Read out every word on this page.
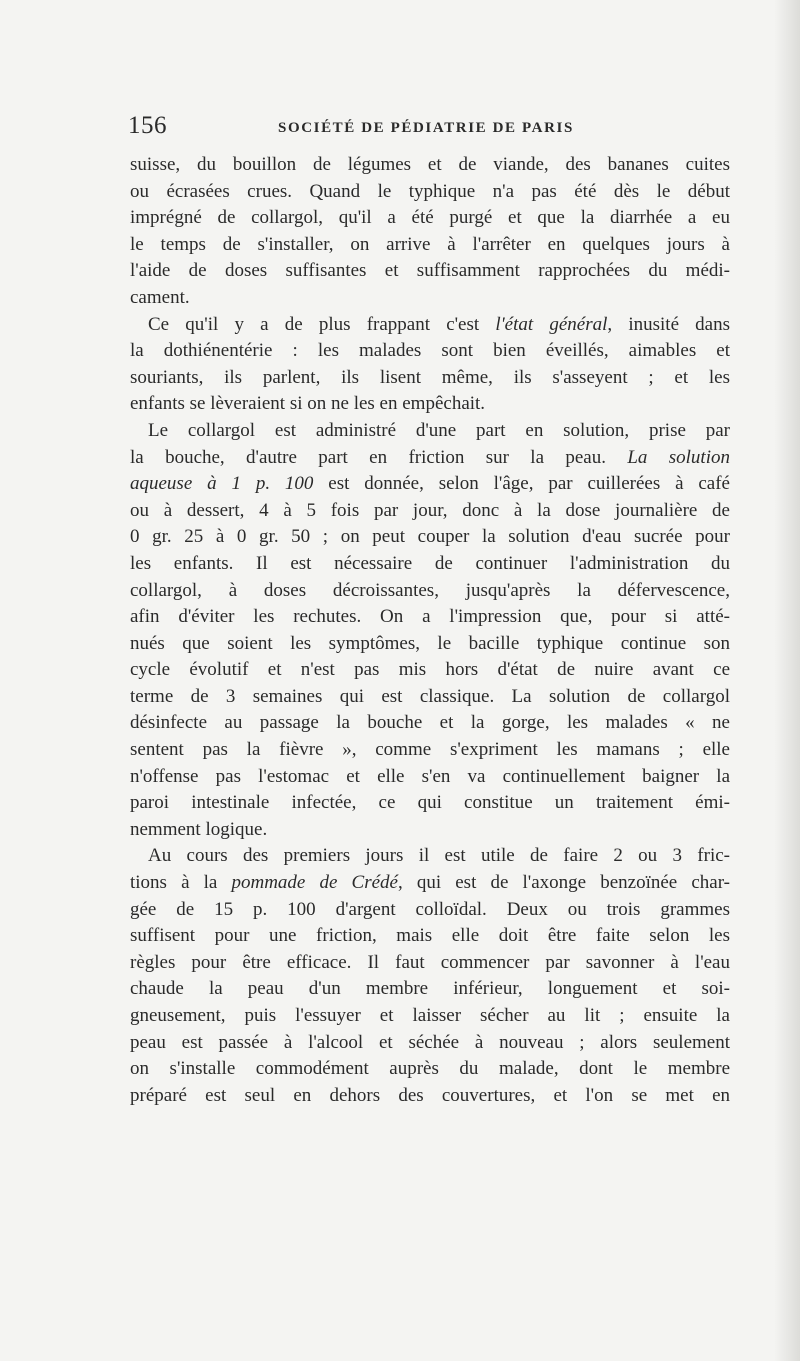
156	SOCIÉTÉ DE PÉDIATRIE DE PARIS

suisse, du bouillon de légumes et de viande, des bananes cuites
ou écrasées crues. Quand le typhique n'a pas été dès le début
imprégné de collargol, qu'il a été purgé et que la diarrhée a eu
le temps de s'installer, on arrive à l'arrêter en quelques jours à
l'aide de doses suffisantes et suffisamment rapprochées du médi-
cament.

Ce qu'il y a de plus frappant c'est l'état général, inusité dans
la dothiénentérie : les malades sont bien éveillés, aimables et
souriants, ils parlent, ils lisent même, ils s'asseyent ; et les
enfants se lèveraient si on ne les en empêchait.

Le collargol est administré d'une part en solution, prise par
la bouche, d'autre part en friction sur la peau. La solution
aqueuse à 1 p. 100 est donnée, selon l'âge, par cuillerées à café
ou à dessert, 4 à 5 fois par jour, donc à la dose journalière de
0 gr. 25 à 0 gr. 50 ; on peut couper la solution d'eau sucrée pour
les enfants. Il est nécessaire de continuer l'administration du
collargol, à doses décroissantes, jusqu'après la défervescence,
afin d'éviter les rechutes. On a l'impression que, pour si atté-
nués que soient les symptômes, le bacille typhique continue son
cycle évolutif et n'est pas mis hors d'état de nuire avant ce
terme de 3 semaines qui est classique. La solution de collargol
désinfecte au passage la bouche et la gorge, les malades « ne
sentent pas la fièvre », comme s'expriment les mamans ; elle
n'offense pas l'estomac et elle s'en va continuellement baigner la
paroi intestinale infectée, ce qui constitue un traitement émi-
nemment logique.

Au cours des premiers jours il est utile de faire 2 ou 3 fric-
tions à la pommade de Crédé, qui est de l'axonge benzoïnée char-
gée de 15 p. 100 d'argent colloïdal. Deux ou trois grammes
suffisent pour une friction, mais elle doit être faite selon les
règles pour être efficace. Il faut commencer par savonner à l'eau
chaude la peau d'un membre inférieur, longuement et soi-
gneusement, puis l'essuyer et laisser sécher au lit ; ensuite la
peau est passée à l'alcool et séchée à nouveau ; alors seulement
on s'installe commodément auprès du malade, dont le membre
préparé est seul en dehors des couvertures, et l'on se met en
